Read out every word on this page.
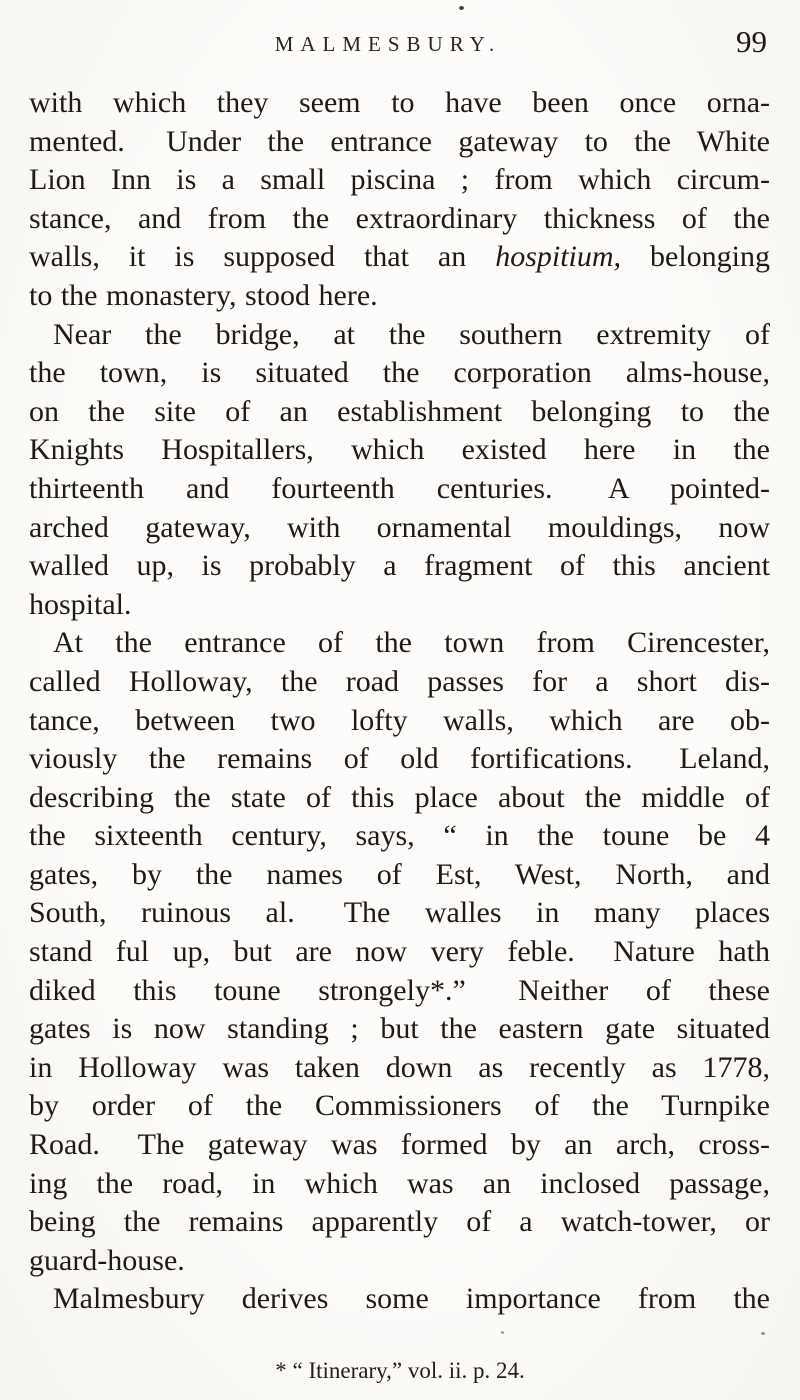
MALMESBURY.	99
with which they seem to have been once orna-
mented.  Under the entrance gateway to the White
Lion Inn is a small piscina ; from which circum-
stance, and from the extraordinary thickness of the
walls, it is supposed that an hospitium, belonging
to the monastery, stood here.
Near the bridge, at the southern extremity of
the town, is situated the corporation alms-house,
on the site of an establishment belonging to the
Knights Hospitallers, which existed here in the
thirteenth and fourteenth centuries.  A pointed-
arched gateway, with ornamental mouldings, now
walled up, is probably a fragment of this ancient
hospital.
At the entrance of the town from Cirencester,
called Holloway, the road passes for a short dis-
tance, between two lofty walls, which are ob-
viously the remains of old fortifications.  Leland,
describing the state of this place about the middle of
the sixteenth century, says, “ in the toune be 4
gates, by the names of Est, West, North, and
South, ruinous al.  The walles in many places
stand ful up, but are now very feble.  Nature hath
diked this toune strongely*.”  Neither of these
gates is now standing ; but the eastern gate situated
in Holloway was taken down as recently as 1778,
by order of the Commissioners of the Turnpike
Road.  The gateway was formed by an arch, cross-
ing the road, in which was an inclosed passage,
being the remains apparently of a watch-tower, or
guard-house.
Malmesbury derives some importance from the
* “ Itinerary,” vol. ii. p. 24.
